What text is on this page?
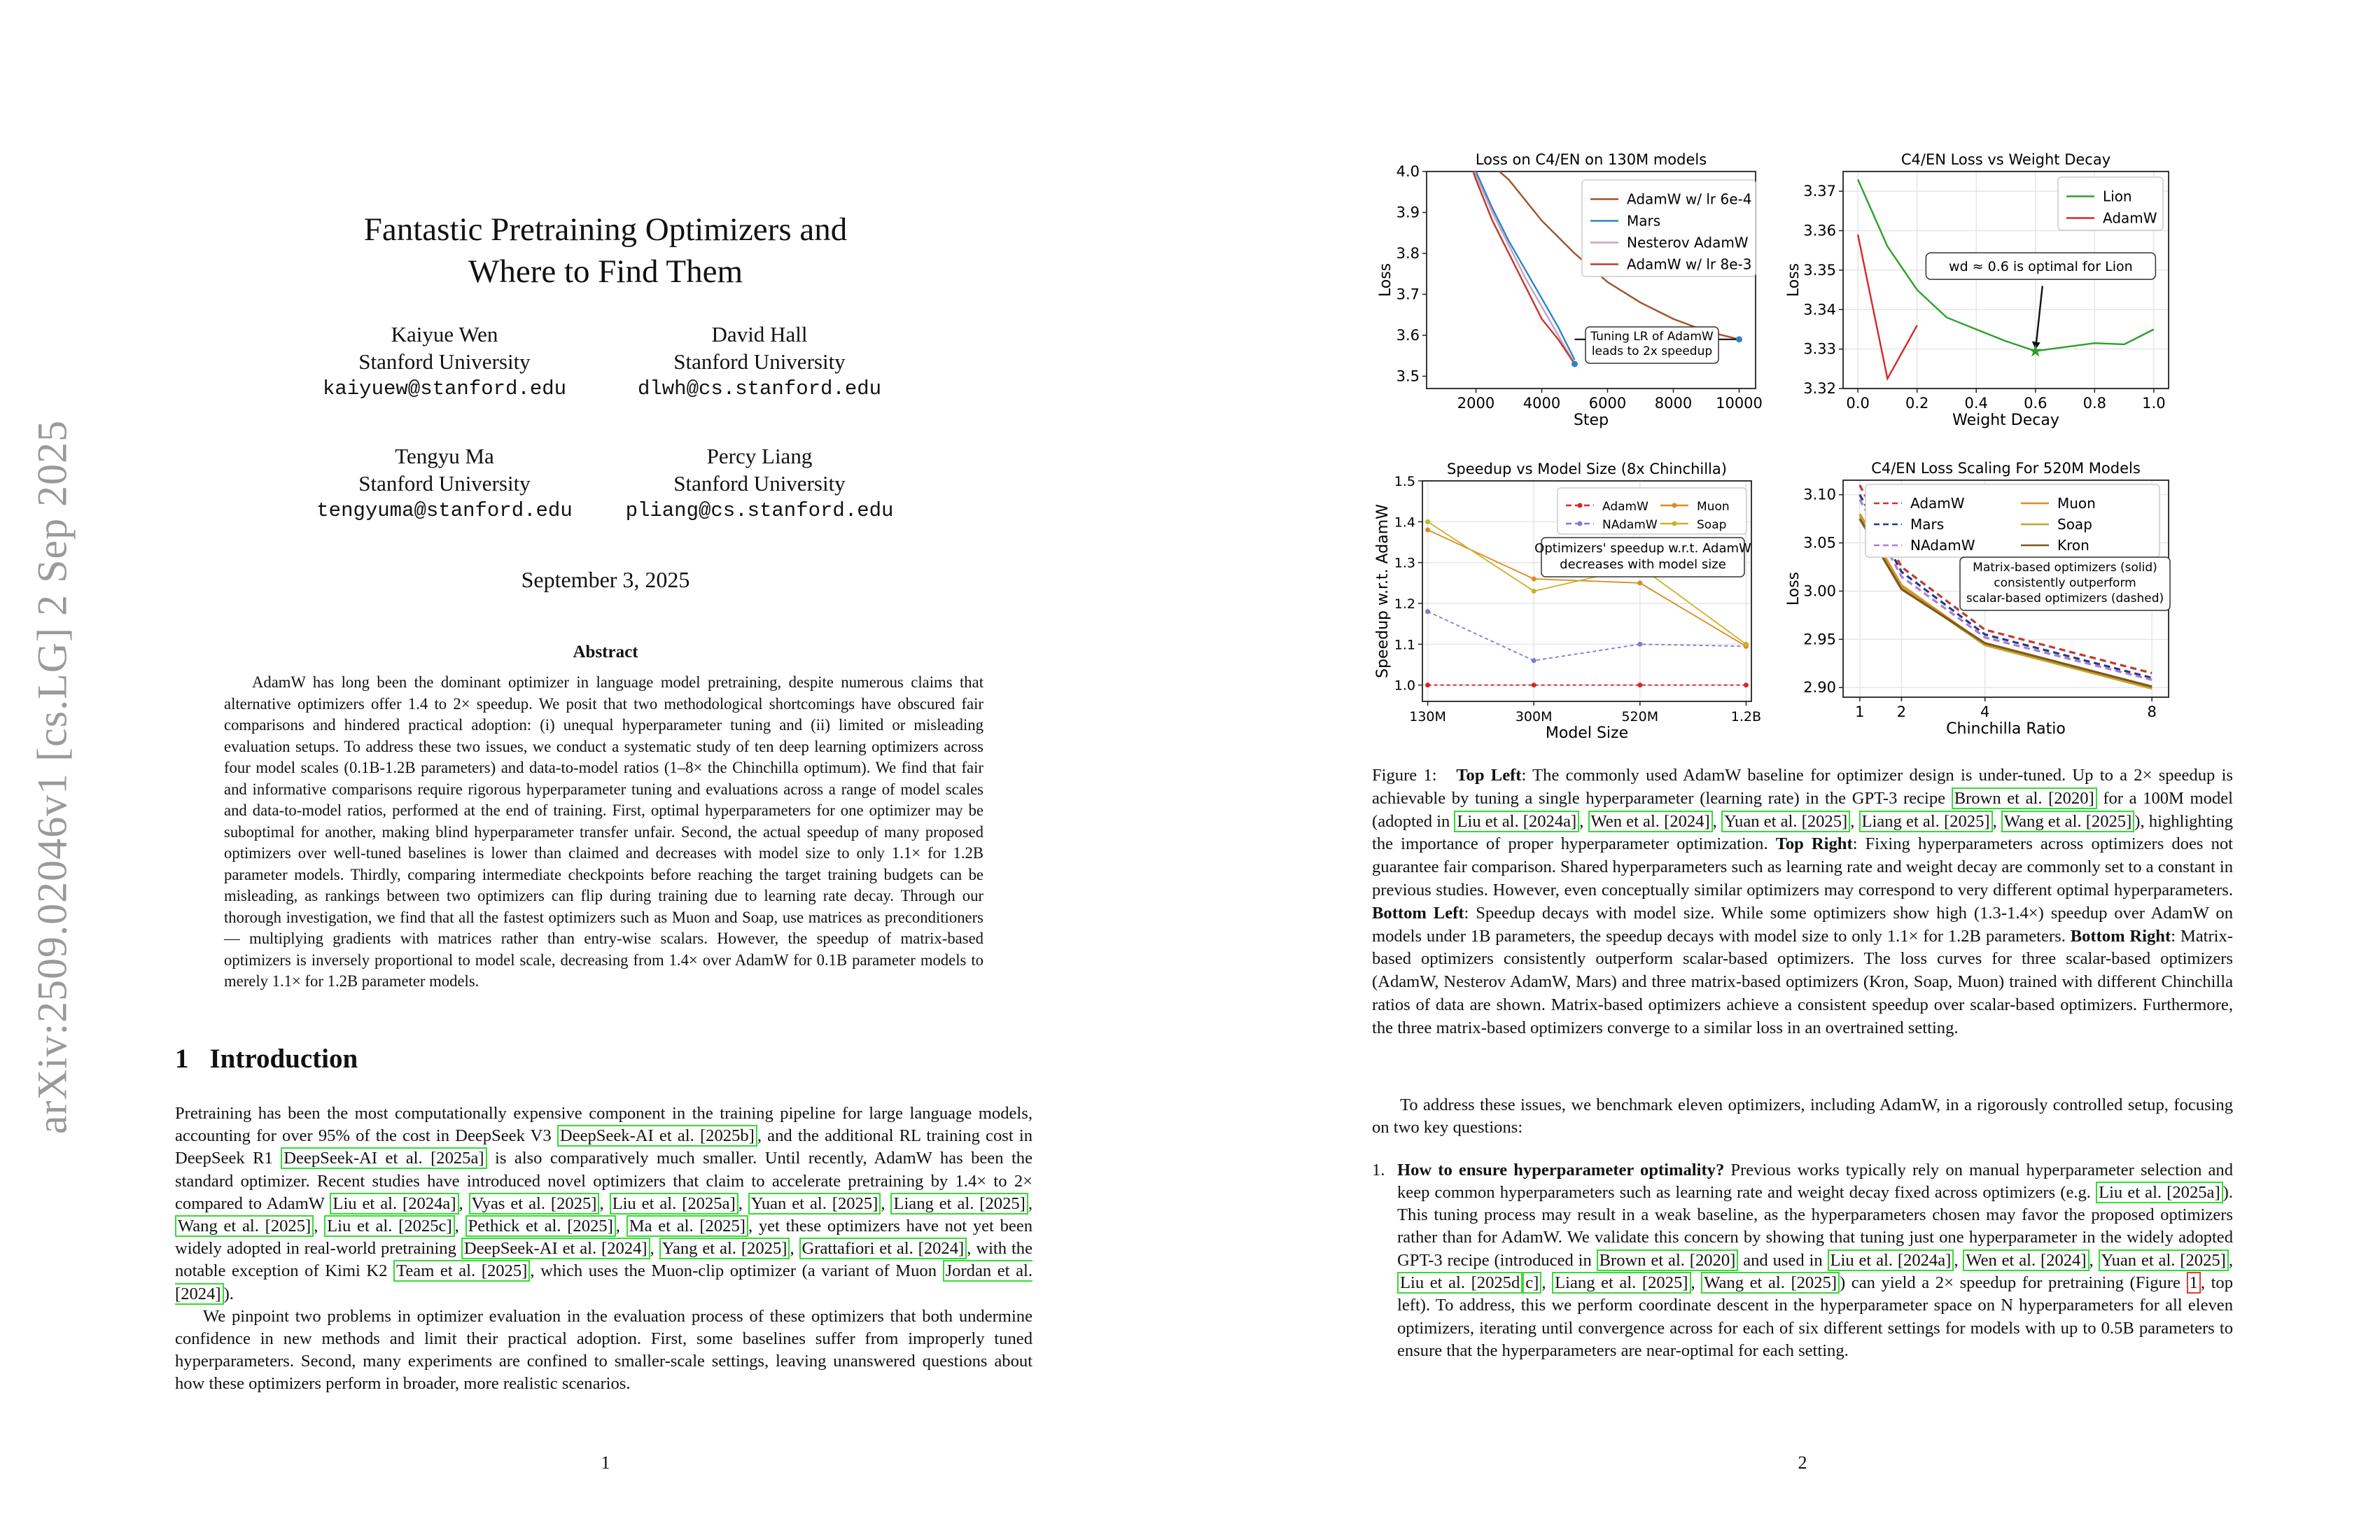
arXiv:2509.02046v1 [cs.LG] 2 Sep 2025
Fantastic Pretraining Optimizers and
Where to Find Them
Kaiyue Wen
Stanford University
kaiyuew@stanford.edu
David Hall
Stanford University
dlwh@cs.stanford.edu
Tengyu Ma
Stanford University
tengyuma@stanford.edu
Percy Liang
Stanford University
pliang@cs.stanford.edu
September 3, 2025
Abstract
AdamW has long been the dominant optimizer in language model pretraining, despite numerous claims that alternative optimizers offer 1.4 to 2× speedup. We posit that two methodological shortcomings have obscured fair comparisons and hindered practical adoption: (i) unequal hyperparameter tuning and (ii) limited or misleading evaluation setups. To address these two issues, we conduct a systematic study of ten deep learning optimizers across four model scales (0.1B-1.2B parameters) and data-to-model ratios (1–8× the Chinchilla optimum). We find that fair and informative comparisons require rigorous hyperparameter tuning and evaluations across a range of model scales and data-to-model ratios, performed at the end of training. First, optimal hyperparameters for one optimizer may be suboptimal for another, making blind hyperparameter transfer unfair. Second, the actual speedup of many proposed optimizers over well-tuned baselines is lower than claimed and decreases with model size to only 1.1× for 1.2B parameter models. Thirdly, comparing intermediate checkpoints before reaching the target training budgets can be misleading, as rankings between two optimizers can flip during training due to learning rate decay. Through our thorough investigation, we find that all the fastest optimizers such as Muon and Soap, use matrices as preconditioners — multiplying gradients with matrices rather than entry-wise scalars. However, the speedup of matrix-based optimizers is inversely proportional to model scale, decreasing from 1.4× over AdamW for 0.1B parameter models to merely 1.1× for 1.2B parameter models.
1 Introduction

Pretraining has been the most computationally expensive component in the training pipeline for large language models, accounting for over 95% of the cost in DeepSeek V3 DeepSeek-AI et al. [2025b] , and the additional RL training cost in DeepSeek R1 DeepSeek-AI et al. [2025a] is also comparatively much smaller. Until recently, AdamW has been the standard optimizer. Recent studies have introduced novel optimizers that claim to accelerate pretraining by 1.4× to 2× compared to AdamW Liu et al. [2024a] , Vyas et al. [2025] , Liu et al. [2025a] , Yuan et al. [2025] , Liang et al. [2025] , Wang et al. [2025] , Liu et al. [2025c] , Pethick et al. [2025] , Ma et al. [2025] , yet these optimizers have not yet been widely adopted in real-world pretraining DeepSeek-AI et al. [2024] , Yang et al. [2025] , Grattafiori et al. [2024] , with the notable exception of Kimi K2 Team et al. [2025] , which uses the Muon-clip optimizer (a variant of Muon Jordan et al. [2024] ).

We pinpoint two problems in optimizer evaluation in the evaluation process of these optimizers that both undermine confidence in new methods and limit their practical adoption. First, some baselines suffer from improperly tuned hyperparameters. Second, many experiments are confined to smaller-scale settings, leaving unanswered questions about how these optimizers perform in broader, more realistic scenarios.

1
Loss on C4/EN on 130M models
2000 4000 6000 8000 10000
3.5
3.6
3.7
3.8
3.9
4.0
Step
Loss
Tuning LR of AdamW
leads to 2x speedup
AdamW w/ lr 6e-4
Mars
Nesterov AdamW
AdamW w/ lr 8e-3
C4/EN Loss vs Weight Decay
0.0 0.2 0.4 0.6 0.8 1.0
3.32
3.33
3.34
3.35
3.36
3.37
Weight Decay
Loss
★
wd ≈ 0.6 is optimal for Lion
Lion
AdamW
Speedup vs Model Size (8x Chinchilla)
130M	300M	520M	1.2B
1.0
1.1
1.2
1.3
1.4
1.5
Model Size
Speedup w.r.t. AdamW	AdamW
NAdamW
Muon
Soap
Optimizers' speedup w.r.t. AdamW
decreases with model size
C4/EN Loss Scaling For 520M Models
1 2	4	8
2.90
2.95
3.00
3.05
3.10
Chinchilla Ratio
Loss
AdamW
Mars
NAdamW
Muon
Soap
Kron
Matrix-based optimizers (solid)
consistently outperform
scalar-based optimizers (dashed)
Figure 1: Top Left: The commonly used AdamW baseline for optimizer design is under-tuned. Up to a 2× speedup is achievable by tuning a single hyperparameter (learning rate) in the GPT-3 recipe Brown et al. [2020] for a 100M model (adopted in Liu et al. [2024a] , Wen et al. [2024] , Yuan et al. [2025] , Liang et al. [2025] , Wang et al. [2025] ), highlighting the importance of proper hyperparameter optimization. Top Right: Fixing hyperparameters across optimizers does not guarantee fair comparison. Shared hyperparameters such as learning rate and weight decay are commonly set to a constant in previous studies. However, even conceptually similar optimizers may correspond to very different optimal hyperparameters. Bottom Left: Speedup decays with model size. While some optimizers show high (1.3-1.4×) speedup over AdamW on models under 1B parameters, the speedup decays with model size to only 1.1× for 1.2B parameters. Bottom Right: Matrix-based optimizers consistently outperform scalar-based optimizers. The loss curves for three scalar-based optimizers (AdamW, Nesterov AdamW, Mars) and three matrix-based optimizers (Kron, Soap, Muon) trained with different Chinchilla ratios of data are shown. Matrix-based optimizers achieve a consistent speedup over scalar-based optimizers. Furthermore, the three matrix-based optimizers converge to a similar loss in an overtrained setting.

To address these issues, we benchmark eleven optimizers, including AdamW, in a rigorously controlled setup, focusing on two key questions:

1. How to ensure hyperparameter optimality? Previous works typically rely on manual hyperparameter selection and keep common hyperparameters such as learning rate and weight decay fixed across optimizers (e.g. Liu et al. [2025a] ). This tuning process may result in a weak baseline, as the hyperparameters chosen may favor the proposed optimizers rather than for AdamW. We validate this concern by showing that tuning just one hyperparameter in the widely adopted GPT-3 recipe (introduced in Brown et al. [2020] and used in Liu et al. [2024a] , Wen et al. [2024] , Yuan et al. [2025] , Liu et al. [2025d c] , Liang et al. [2025] , Wang et al. [2025] ) can yield a 2× speedup for pretraining (Figure 1 , top left). To address, this we perform coordinate descent in the hyperparameter space on N hyperparameters for all eleven optimizers, iterating until convergence across for each of six different settings for models with up to 0.5B parameters to ensure that the hyperparameters are near-optimal for each setting.
2
